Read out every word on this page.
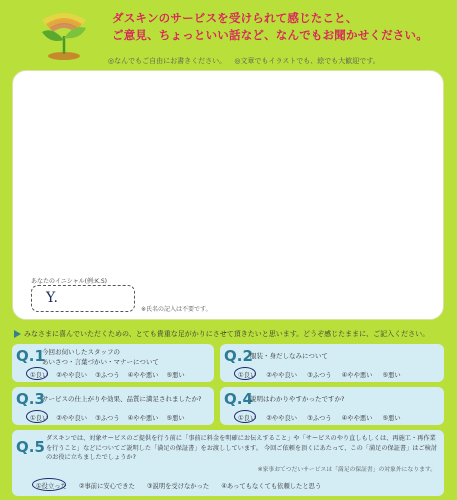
ダスキンのサービスを受けられて感じたこと、
ご意見、ちょっといい話など、なんでもお聞かせください。
◎なんでもご自由にお書きください。 ◎文章でもイラストでも、絵でも大歓迎です。
あなたのイニシャル(例:K.S)
Y.
※氏名の記入は不要です。
みなさまに喜んでいただくための、とても貴重な足がかりにさせて頂きたいと思います。どうぞ感じたままに、ご記入ください。
Q.1
今回お伺いしたスタッフの
あいさつ・言葉づかい・マナーについて
①良い ②やや良い ③ふつう ④やや悪い ⑤悪い
Q.2
服装・身だしなみについて
①良い ②やや良い ③ふつう ④やや悪い ⑤悪い
Q.3
サービスの仕上がりや効果、品質に満足されましたか?
①良い ②やや良い ③ふつう ④やや悪い ⑤悪い
Q.4
説明はわかりやすかったですか?
①良い ②やや良い ③ふつう ④やや悪い ⑤悪い
Q.5 ダスキンでは、対象サービスのご提供を行う前に「事前に料金を明確にお伝えすること」や「サービスのやり直しもしくは、再施工・再作業
を行うこと」などについてご説明した「満足の保証書」をお渡ししています。 今回ご依頼を頂くにあたって、この「満足の保証書」はご検討
のお役に立ちましたでしょうか?
※家事おてつだいサービスは「満足の保証書」の対象外になります。
①役立った ②事前に安心できた ③説明を受けなかった ④あってもなくても依頼したと思う
